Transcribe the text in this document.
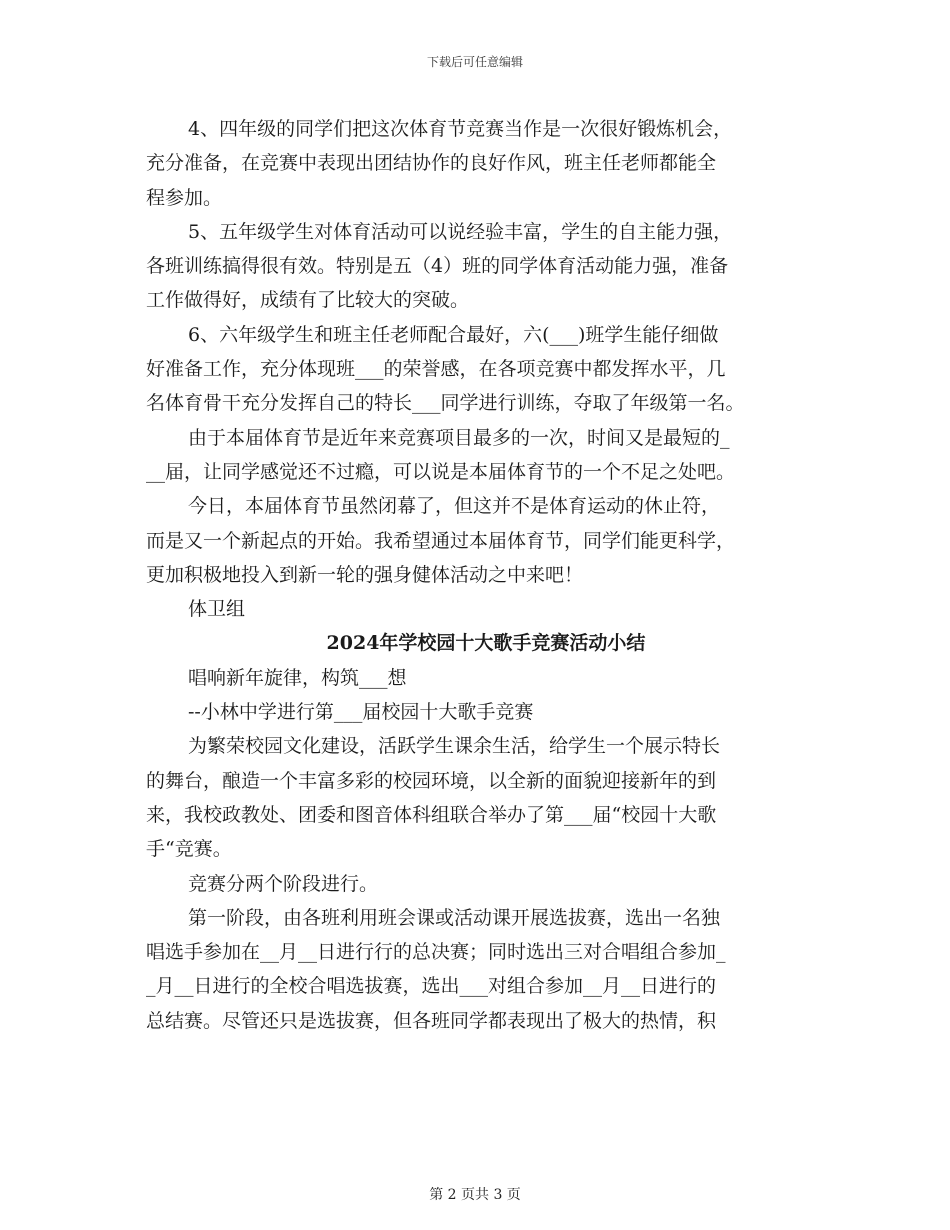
下载后可任意编辑
4、四年级的同学们把这次体育节竞赛当作是一次很好锻炼机会，
充分准备，在竞赛中表现出团结协作的良好作风，班主任老师都能全
程参加。
5、五年级学生对体育活动可以说经验丰富，学生的自主能力强，
各班训练搞得很有效。特别是五（4）班的同学体育活动能力强，准备
工作做得好，成绩有了比较大的突破。
6、六年级学生和班主任老师配合最好，六(___)班学生能仔细做
好准备工作，充分体现班___的荣誉感，在各项竞赛中都发挥水平，几
名体育骨干充分发挥自己的特长___同学进行训练，夺取了年级第一名。
由于本届体育节是近年来竞赛项目最多的一次，时间又是最短的_
__届，让同学感觉还不过瘾，可以说是本届体育节的一个不足之处吧。
今日，本届体育节虽然闭幕了，但这并不是体育运动的休止符，
而是又一个新起点的开始。我希望通过本届体育节，同学们能更科学，
更加积极地投入到新一轮的强身健体活动之中来吧！
体卫组
2024年学校园十大歌手竞赛活动小结
唱响新年旋律，构筑___想
--小林中学进行第___届校园十大歌手竞赛
为繁荣校园文化建设，活跃学生课余生活，给学生一个展示特长
的舞台，酿造一个丰富多彩的校园环境，以全新的面貌迎接新年的到
来，我校政教处、团委和图音体科组联合举办了第___届“校园十大歌
手“竞赛。
竞赛分两个阶段进行。
第一阶段，由各班利用班会课或活动课开展选拔赛，选出一名独
唱选手参加在__月__日进行行的总决赛；同时选出三对合唱组合参加_
_月__日进行的全校合唱选拔赛，选出___对组合参加__月__日进行的
总结赛。尽管还只是选拔赛，但各班同学都表现出了极大的热情，积
第 2 页共 3 页
